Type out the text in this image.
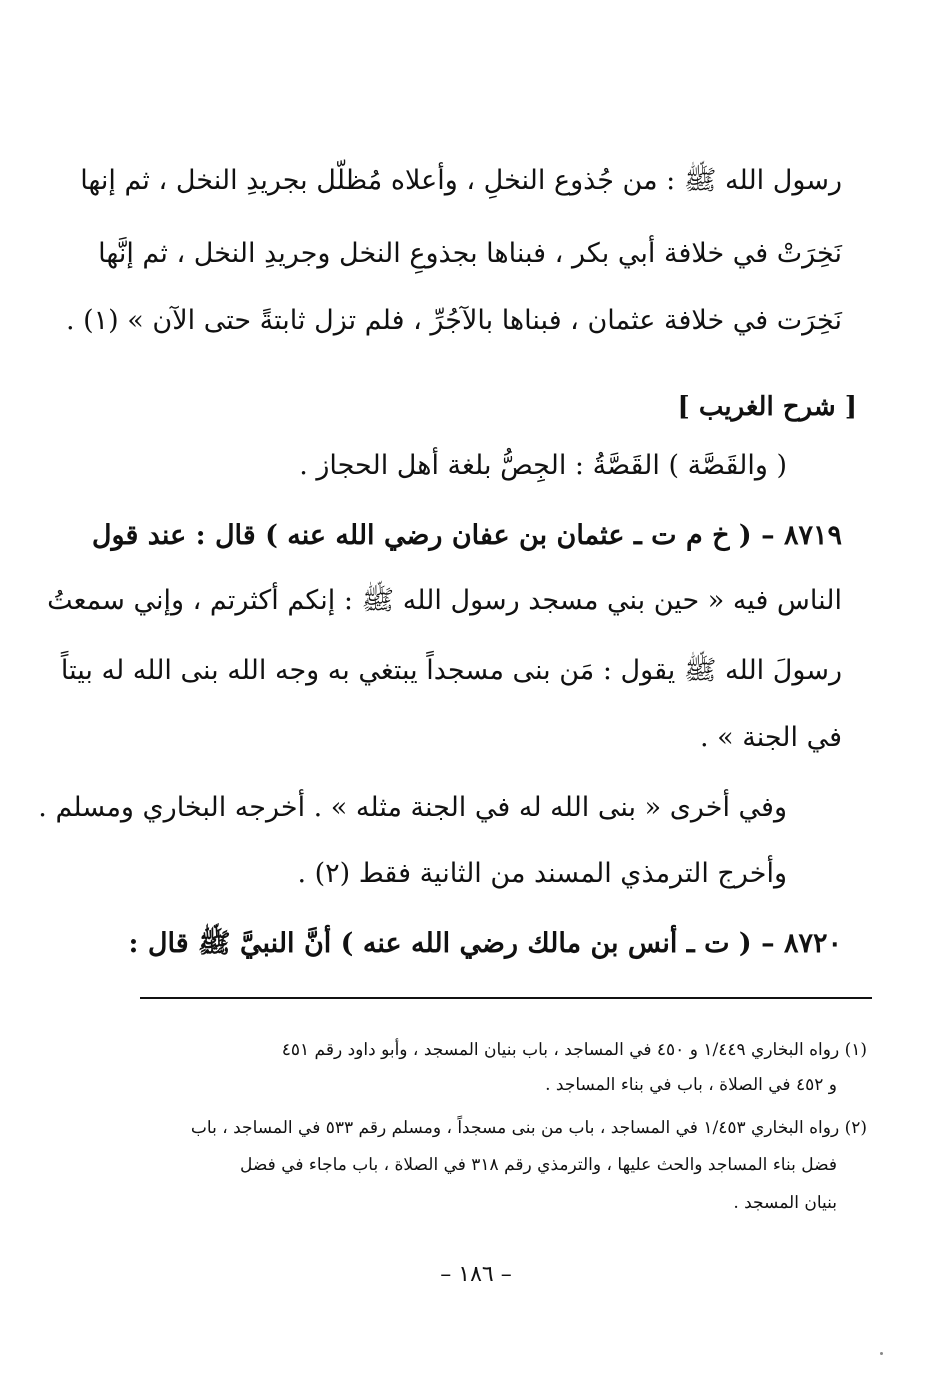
رسول الله ﷺ : من جُذوع النخلِ ، وأعلاه مُظلّل بجريدِ النخل ، ثم إنها
نَخِرَتْ في خلافة أبي بكر ، فبناها بجذوعِ النخل وجريدِ النخل ، ثم إنَّها
نَخِرَت في خلافة عثمان ، فبناها بالآجُرِّ ، فلم تزل ثابتةً حتى الآن » (١) .
[ شرح الغريب ]
( والقَصَّة ) القَصَّةُ : الجِصُّ بلغة أهل الحجاز .
٨٧١٩ – ( خ م ت ـ عثمان بن عفان رضي الله عنه ) قال : عند قول
الناس فيه « حين بني مسجد رسول الله ﷺ : إنكم أكثرتم ، وإني سمعتُ
رسولَ الله ﷺ يقول : مَن بنى مسجداً يبتغي به وجه الله بنى الله له بيتاً
في الجنة » .
وفي أخرى « بنى الله له في الجنة مثله » . أخرجه البخاري ومسلم .
وأخرج الترمذي المسند من الثانية فقط (٢) .
٨٧٢٠ – ( ت ـ أنس بن مالك رضي الله عنه ) أنَّ النبيَّ ﷺ قال :
(١) رواه البخاري ١/٤٤٩ و ٤٥٠ في المساجد ، باب بنيان المسجد ، وأبو داود رقم ٤٥١
و ٤٥٢ في الصلاة ، باب في بناء المساجد .
(٢) رواه البخاري ١/٤٥٣ في المساجد ، باب من بنى مسجداً ، ومسلم رقم ٥٣٣ في المساجد ، باب
فضل بناء المساجد والحث عليها ، والترمذي رقم ٣١٨ في الصلاة ، باب ماجاء في فضل
بنيان المسجد .
– ١٨٦ –
